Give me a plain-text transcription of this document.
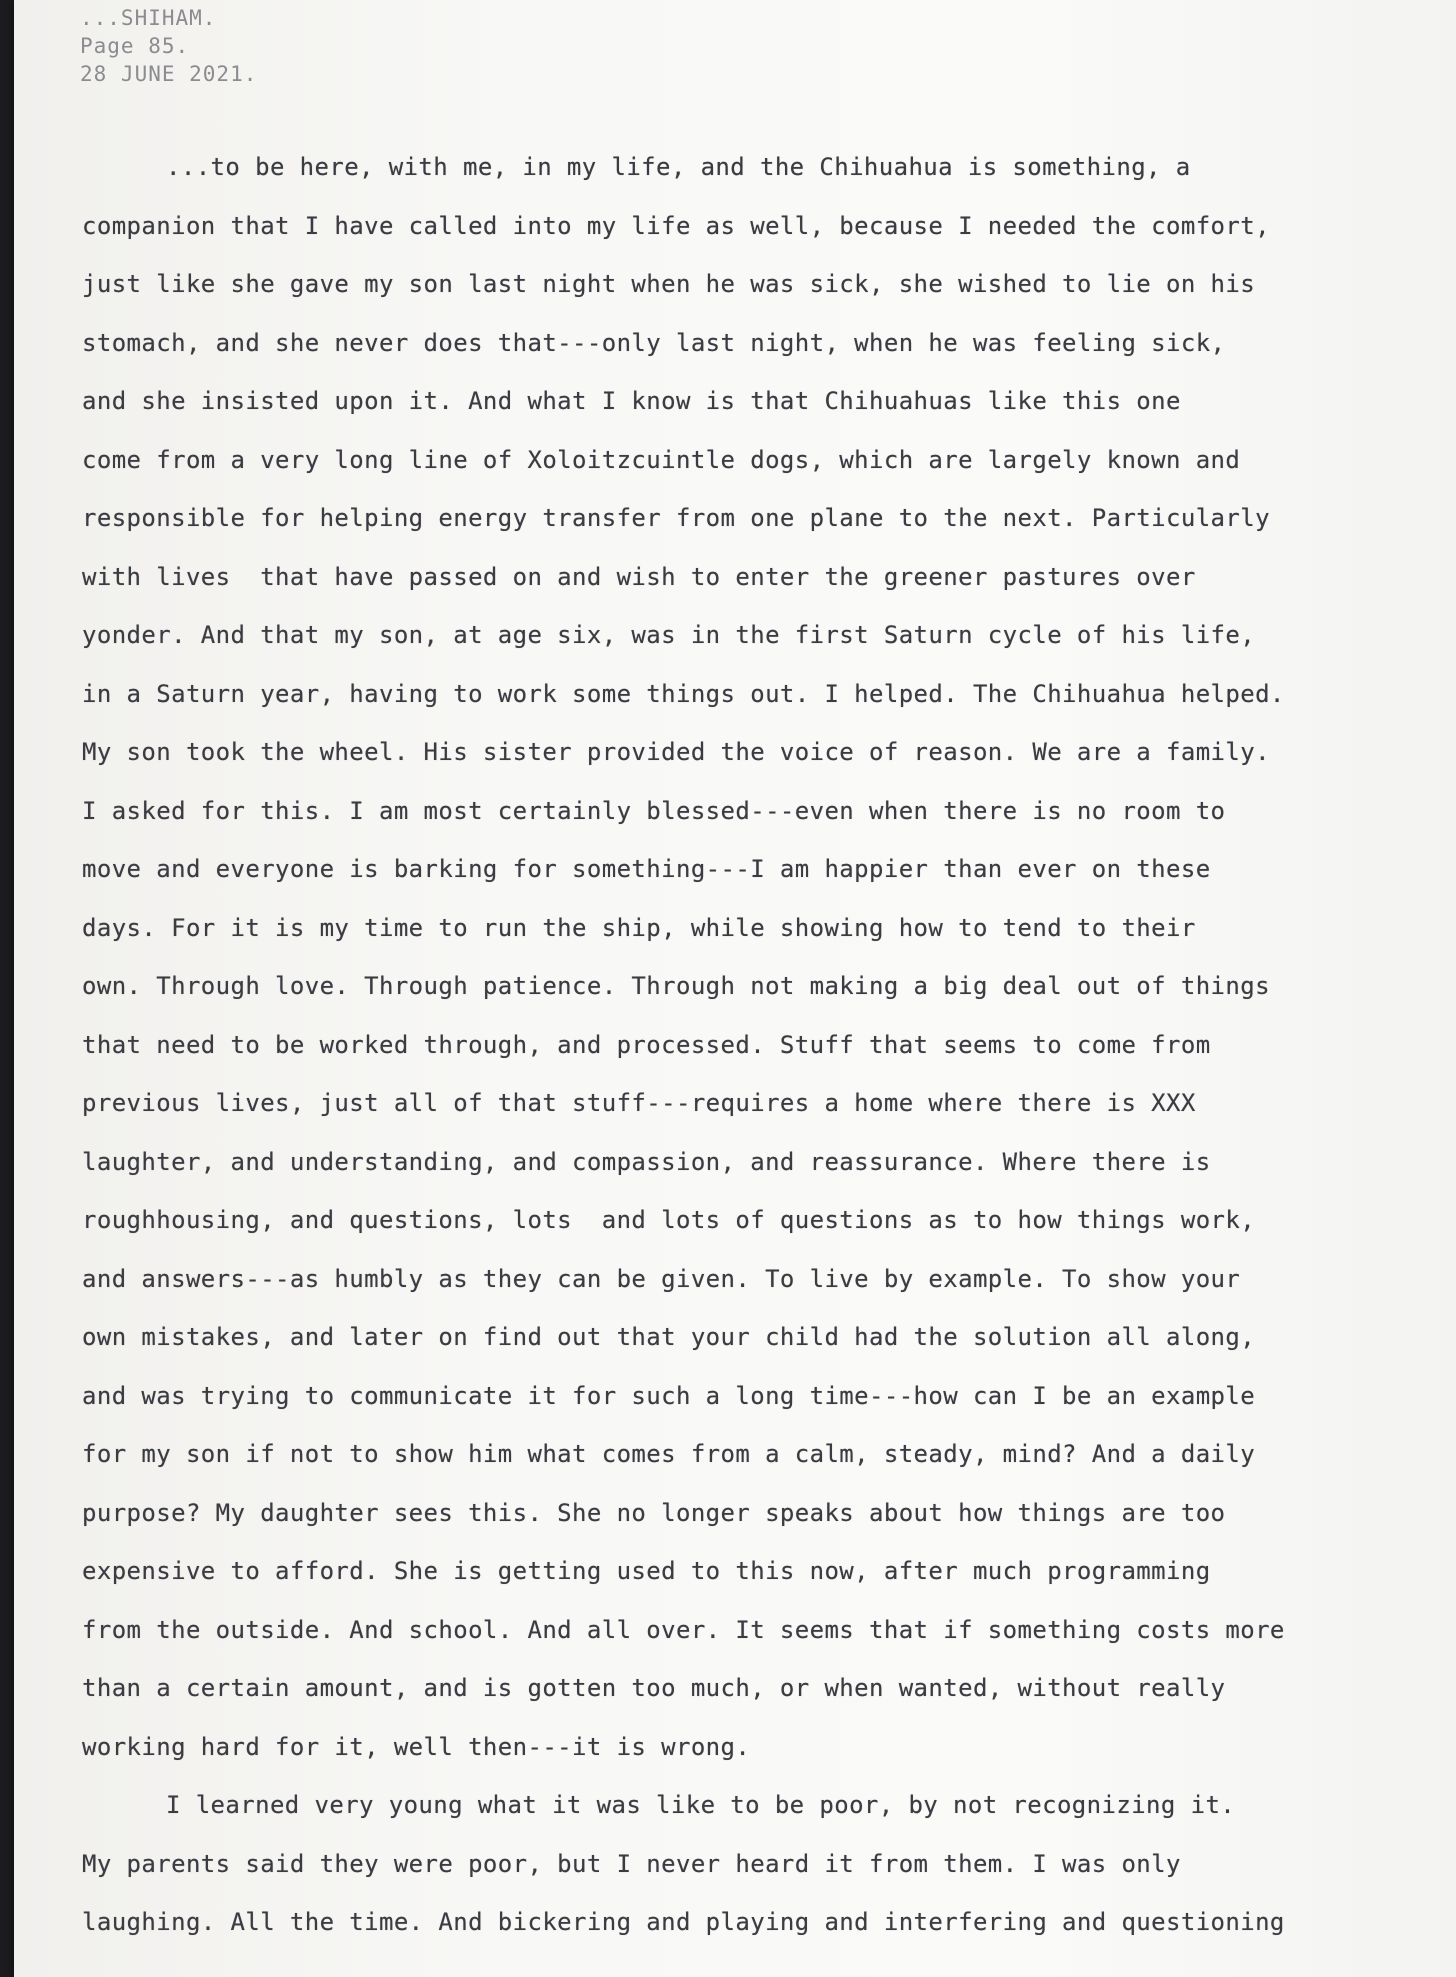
...SHIHAM.
Page 85.
28 JUNE 2021.
...to be here, with me, in my life, and the Chihuahua is something, a
companion that I have called into my life as well, because I needed the comfort,
just like she gave my son last night when he was sick, she wished to lie on his
stomach, and she never does that---only last night, when he was feeling sick,
and she insisted upon it. And what I know is that Chihuahuas like this one
come from a very long line of Xoloitzcuintle dogs, which are largely known and
responsible for helping energy transfer from one plane to the next. Particularly
with lives  that have passed on and wish to enter the greener pastures over
yonder. And that my son, at age six, was in the first Saturn cycle of his life,
in a Saturn year, having to work some things out. I helped. The Chihuahua helped.
My son took the wheel. His sister provided the voice of reason. We are a family.
I asked for this. I am most certainly blessed---even when there is no room to
move and everyone is barking for something---I am happier than ever on these
days. For it is my time to run the ship, while showing how to tend to their
own. Through love. Through patience. Through not making a big deal out of things
that need to be worked through, and processed. Stuff that seems to come from
previous lives, just all of that stuff---requires a home where there is XXX
laughter, and understanding, and compassion, and reassurance. Where there is
roughhousing, and questions, lots  and lots of questions as to how things work,
and answers---as humbly as they can be given. To live by example. To show your
own mistakes, and later on find out that your child had the solution all along,
and was trying to communicate it for such a long time---how can I be an example
for my son if not to show him what comes from a calm, steady, mind? And a daily
purpose? My daughter sees this. She no longer speaks about how things are too
expensive to afford. She is getting used to this now, after much programming
from the outside. And school. And all over. It seems that if something costs more
than a certain amount, and is gotten too much, or when wanted, without really
working hard for it, well then---it is wrong.
I learned very young what it was like to be poor, by not recognizing it.
My parents said they were poor, but I never heard it from them. I was only
laughing. All the time. And bickering and playing and interfering and questioning
